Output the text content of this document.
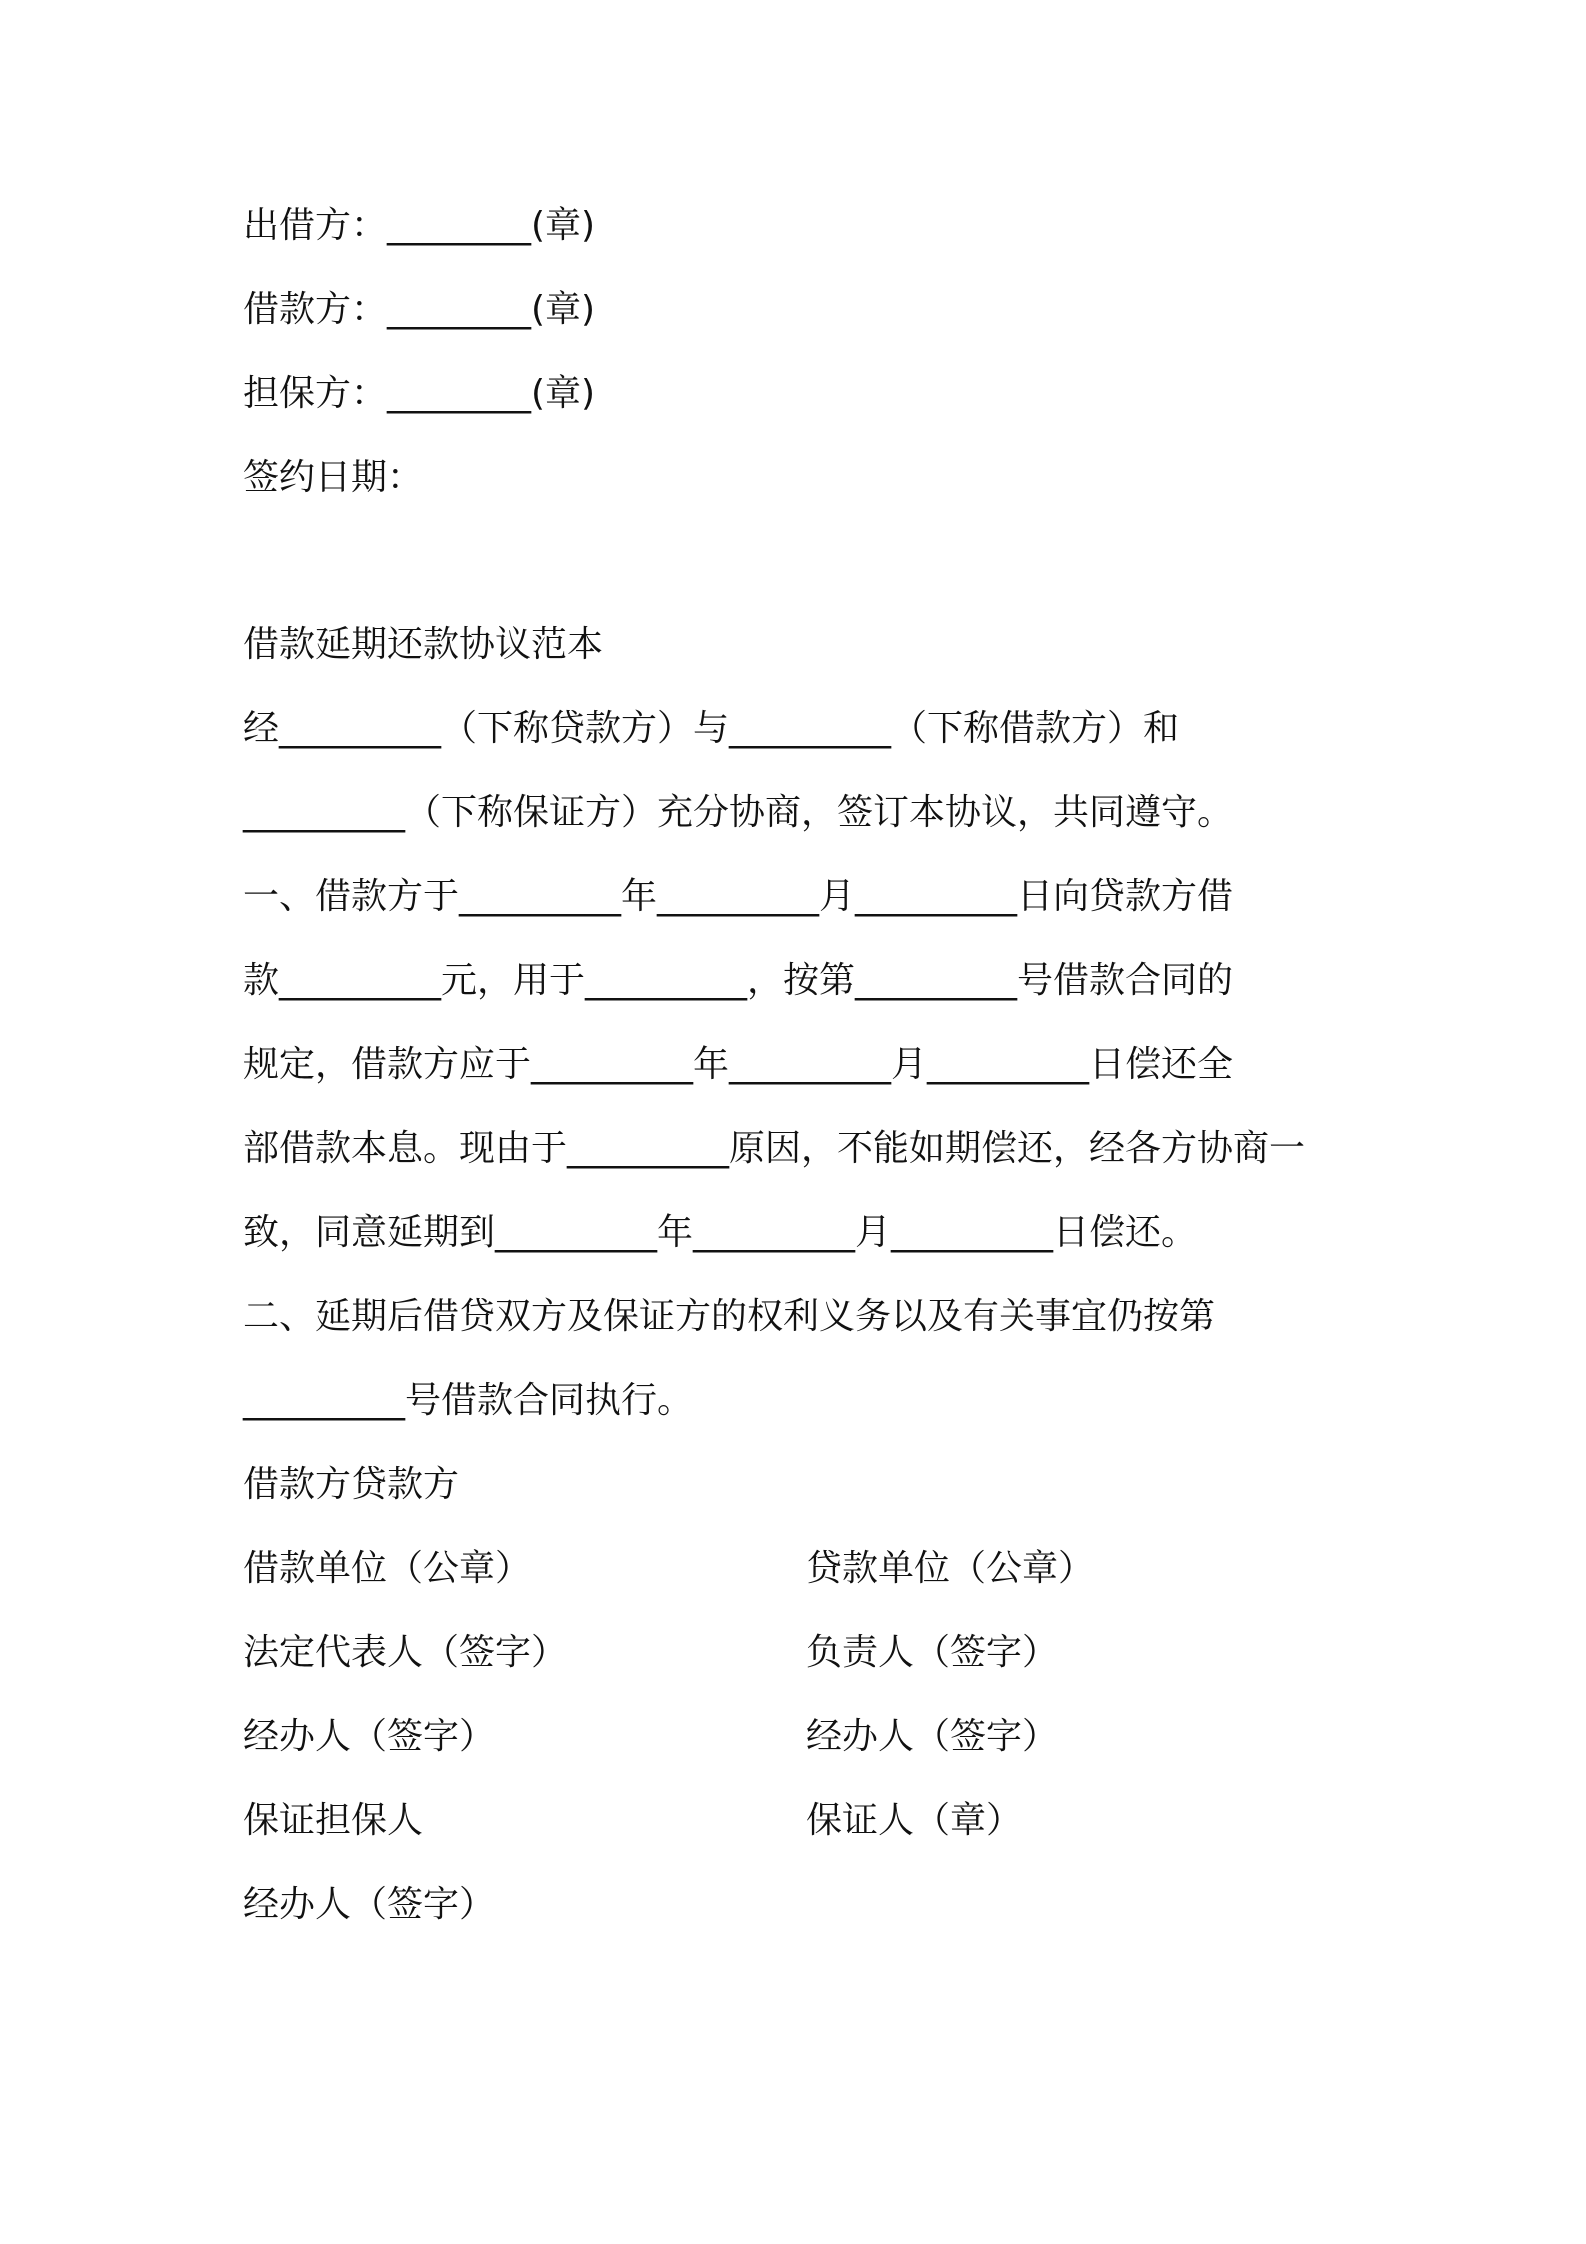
出借方：________(章)
借款方：________(章)
担保方：________(章)
签约日期：
借款延期还款协议范本
经_________（下称贷款方）与_________（下称借款方）和
_________（下称保证方）充分协商，签订本协议，共同遵守。
一、借款方于_________年_________月_________日向贷款方借
款_________元，用于_________，按第_________号借款合同的
规定，借款方应于_________年_________月_________日偿还全
部借款本息。现由于_________原因，不能如期偿还，经各方协商一
致，同意延期到_________年_________月_________日偿还。
二、延期后借贷双方及保证方的权利义务以及有关事宜仍按第
_________号借款合同执行。
借款方贷款方
借款单位（公章）	贷款单位（公章）
法定代表人（签字）	负责人（签字）
经办人（签字）	经办人（签字）
保证担保人	保证人（章）
经办人（签字）
